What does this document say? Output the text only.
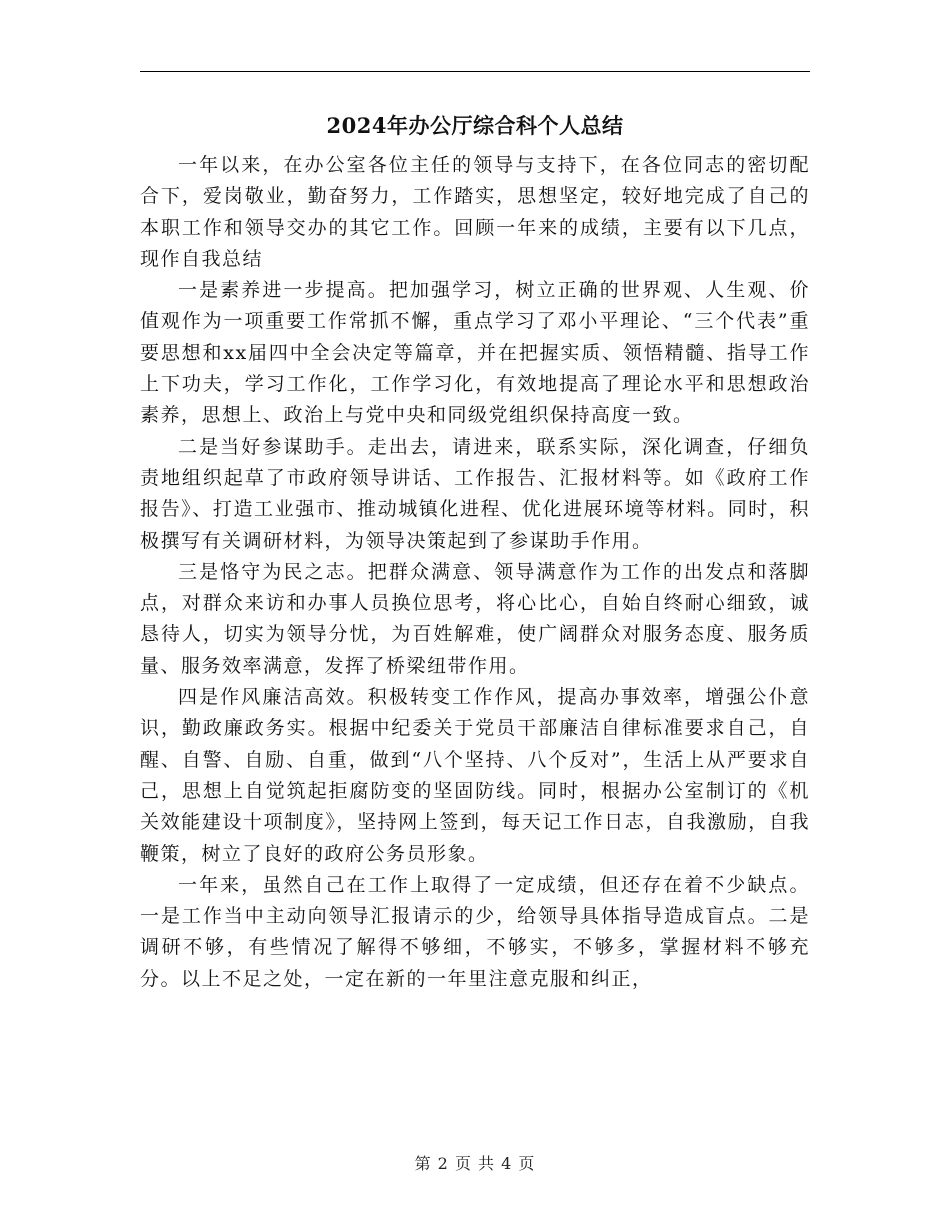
2024年办公厅综合科个人总结

一年以来，在办公室各位主任的领导与支持下，在各位同志的密切配合下，爱岗敬业，勤奋努力，工作踏实，思想坚定，较好地完成了自己的本职工作和领导交办的其它工作。回顾一年来的成绩，主要有以下几点，现作自我总结

一是素养进一步提高。把加强学习，树立正确的世界观、人生观、价值观作为一项重要工作常抓不懈，重点学习了邓小平理论、“三个代表”重要思想和xx届四中全会决定等篇章，并在把握实质、领悟精髓、指导工作上下功夫，学习工作化，工作学习化，有效地提高了理论水平和思想政治素养，思想上、政治上与党中央和同级党组织保持高度一致。

二是当好参谋助手。走出去，请进来，联系实际，深化调查，仔细负责地组织起草了市政府领导讲话、工作报告、汇报材料等。如《政府工作报告》、打造工业强市、推动城镇化进程、优化进展环境等材料。同时，积极撰写有关调研材料，为领导决策起到了参谋助手作用。

三是恪守为民之志。把群众满意、领导满意作为工作的出发点和落脚点，对群众来访和办事人员换位思考，将心比心，自始自终耐心细致，诚恳待人，切实为领导分忧，为百姓解难，使广阔群众对服务态度、服务质量、服务效率满意，发挥了桥梁纽带作用。

四是作风廉洁高效。积极转变工作作风，提高办事效率，增强公仆意识，勤政廉政务实。根据中纪委关于党员干部廉洁自律标准要求自己，自醒、自警、自励、自重，做到“八个坚持、八个反对”，生活上从严要求自己，思想上自觉筑起拒腐防变的坚固防线。同时，根据办公室制订的《机关效能建设十项制度》，坚持网上签到，每天记工作日志，自我激励，自我鞭策，树立了良好的政府公务员形象。

一年来，虽然自己在工作上取得了一定成绩，但还存在着不少缺点。一是工作当中主动向领导汇报请示的少，给领导具体指导造成盲点。二是调研不够，有些情况了解得不够细，不够实，不够多，掌握材料不够充分。以上不足之处，一定在新的一年里注意克服和纠正，

第 2 页 共 4 页
